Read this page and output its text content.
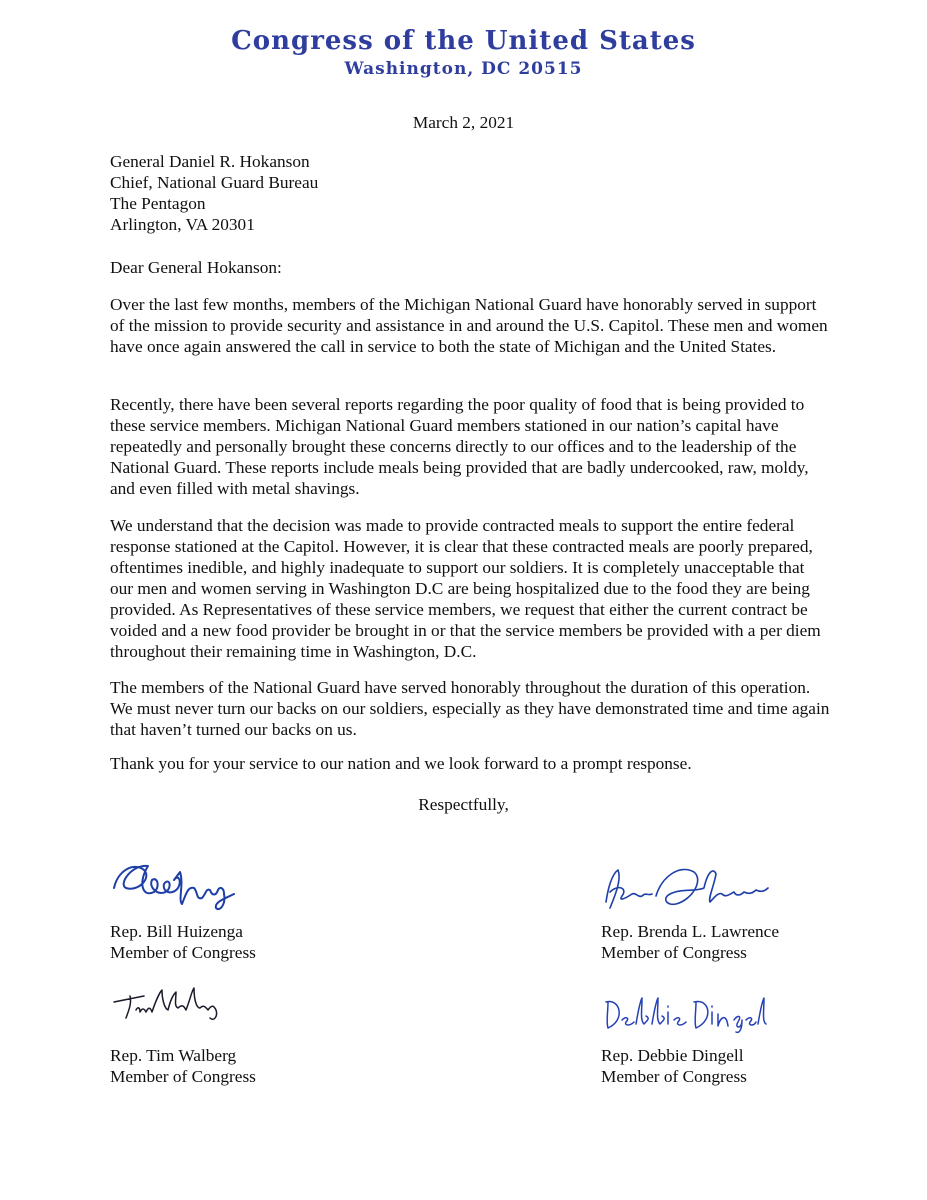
Congress of the United States
Washington, DC 20515
March 2, 2021
General Daniel R. Hokanson
Chief, National Guard Bureau
The Pentagon
Arlington, VA 20301
Dear General Hokanson:

Over the last few months, members of the Michigan National Guard have honorably served in support of the mission to provide security and assistance in and around the U.S. Capitol. These men and women have once again answered the call in service to both the state of Michigan and the United States.

Recently, there have been several reports regarding the poor quality of food that is being provided to these service members. Michigan National Guard members stationed in our nation’s capital have repeatedly and personally brought these concerns directly to our offices and to the leadership of the National Guard. These reports include meals being provided that are badly undercooked, raw, moldy, and even filled with metal shavings.

We understand that the decision was made to provide contracted meals to support the entire federal response stationed at the Capitol. However, it is clear that these contracted meals are poorly prepared, oftentimes inedible, and highly inadequate to support our soldiers. It is completely unacceptable that our men and women serving in Washington D.C are being hospitalized due to the food they are being provided. As Representatives of these service members, we request that either the current contract be voided and a new food provider be brought in or that the service members be provided with a per diem throughout their remaining time in Washington, D.C.

The members of the National Guard have served honorably throughout the duration of this operation. We must never turn our backs on our soldiers, especially as they have demonstrated time and time again that haven’t turned our backs on us.

Thank you for your service to our nation and we look forward to a prompt response.

Respectfully,
Rep. Bill Huizenga
Member of Congress
Rep. Brenda L. Lawrence
Member of Congress
Rep. Tim Walberg
Member of Congress
Rep. Debbie Dingell
Member of Congress
